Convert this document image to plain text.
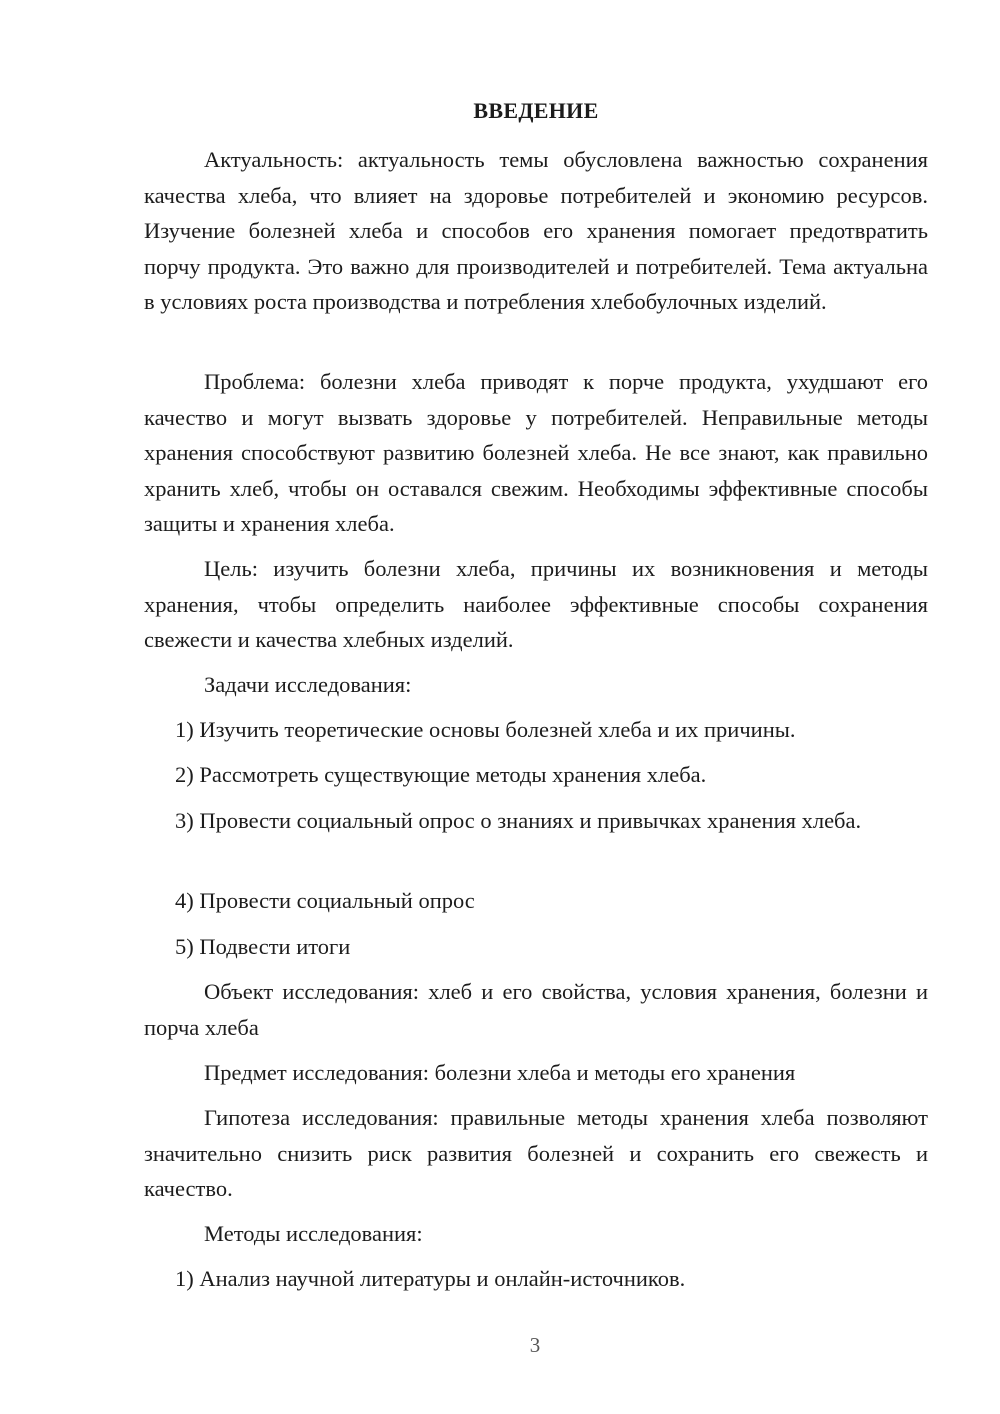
ВВЕДЕНИЕ

Актуальность: актуальность темы обусловлена важностью сохранения качества хлеба, что влияет на здоровье потребителей и экономию ресурсов. Изучение болезней хлеба и способов его хранения помогает предотвратить порчу продукта. Это важно для производителей и потребителей. Тема актуальна в условиях роста производства и потребления хлебобулочных изделий.

Проблема: болезни хлеба приводят к порче продукта, ухудшают его качество и могут вызвать здоровье у потребителей. Неправильные методы хранения способствуют развитию болезней хлеба. Не все знают, как правильно хранить хлеб, чтобы он оставался свежим. Необходимы эффективные способы защиты и хранения хлеба.

Цель: изучить болезни хлеба, причины их возникновения и методы хранения, чтобы определить наиболее эффективные способы сохранения свежести и качества хлебных изделий.

Задачи исследования:

1) Изучить теоретические основы болезней хлеба и их причины.

2) Рассмотреть существующие методы хранения хлеба.

3) Провести социальный опрос о знаниях и привычках хранения хлеба.

4) Провести социальный опрос

5) Подвести итоги

Объект исследования: хлеб и его свойства, условия хранения, болезни и порча хлеба

Предмет исследования: болезни хлеба и методы его хранения

Гипотеза исследования: правильные методы хранения хлеба позволяют значительно снизить риск развития болезней и сохранить его свежесть и качество.

Методы исследования:

1) Анализ научной литературы и онлайн-источников.

3
